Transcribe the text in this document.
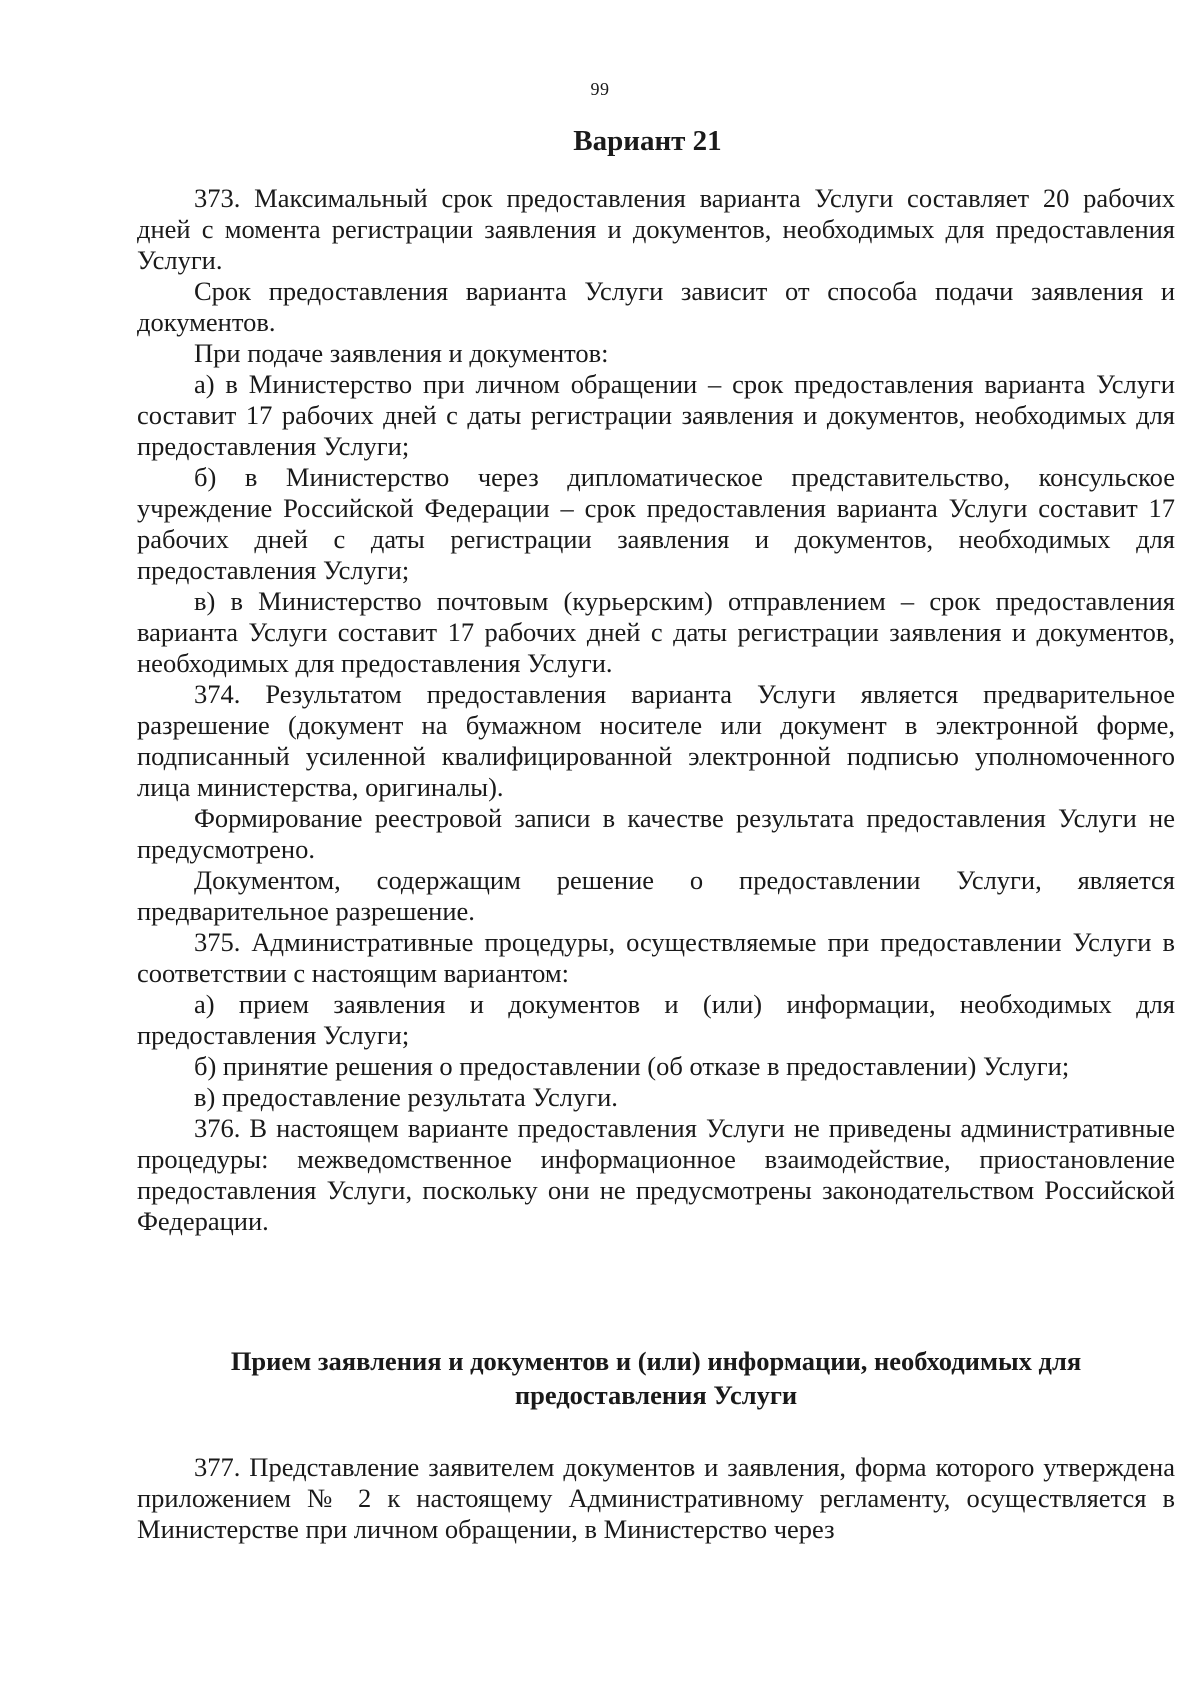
99
Вариант 21

373. Максимальный срок предоставления варианта Услуги составляет 20 рабочих дней с момента регистрации заявления и документов, необходимых для предоставления Услуги.

Срок предоставления варианта Услуги зависит от способа подачи заявления и документов.

При подаче заявления и документов:

а) в Министерство при личном обращении – срок предоставления варианта Услуги составит 17 рабочих дней с даты регистрации заявления и документов, необходимых для предоставления Услуги;

б) в Министерство через дипломатическое представительство, консульское учреждение Российской Федерации – срок предоставления варианта Услуги составит 17 рабочих дней с даты регистрации заявления и документов, необходимых для предоставления Услуги;

в) в Министерство почтовым (курьерским) отправлением – срок предоставления варианта Услуги составит 17 рабочих дней с даты регистрации заявления и документов, необходимых для предоставления Услуги.

374. Результатом предоставления варианта Услуги является предварительное разрешение (документ на бумажном носителе или документ в электронной форме, подписанный усиленной квалифицированной электронной подписью уполномоченного лица министерства, оригиналы).

Формирование реестровой записи в качестве результата предоставления Услуги не предусмотрено.

Документом, содержащим решение о предоставлении Услуги, является предварительное разрешение.

375. Административные процедуры, осуществляемые при предоставлении Услуги в соответствии с настоящим вариантом:

а) прием заявления и документов и (или) информации, необходимых для предоставления Услуги;

б) принятие решения о предоставлении (об отказе в предоставлении) Услуги;

в) предоставление результата Услуги.

376. В настоящем варианте предоставления Услуги не приведены административные процедуры: межведомственное информационное взаимодействие, приостановление предоставления Услуги, поскольку они не предусмотрены законодательством Российской Федерации.

Прием заявления и документов и (или) информации, необходимых для предоставления Услуги

377. Представление заявителем документов и заявления, форма которого утверждена приложением № 2 к настоящему Административному регламенту, осуществляется в Министерстве при личном обращении, в Министерство через
